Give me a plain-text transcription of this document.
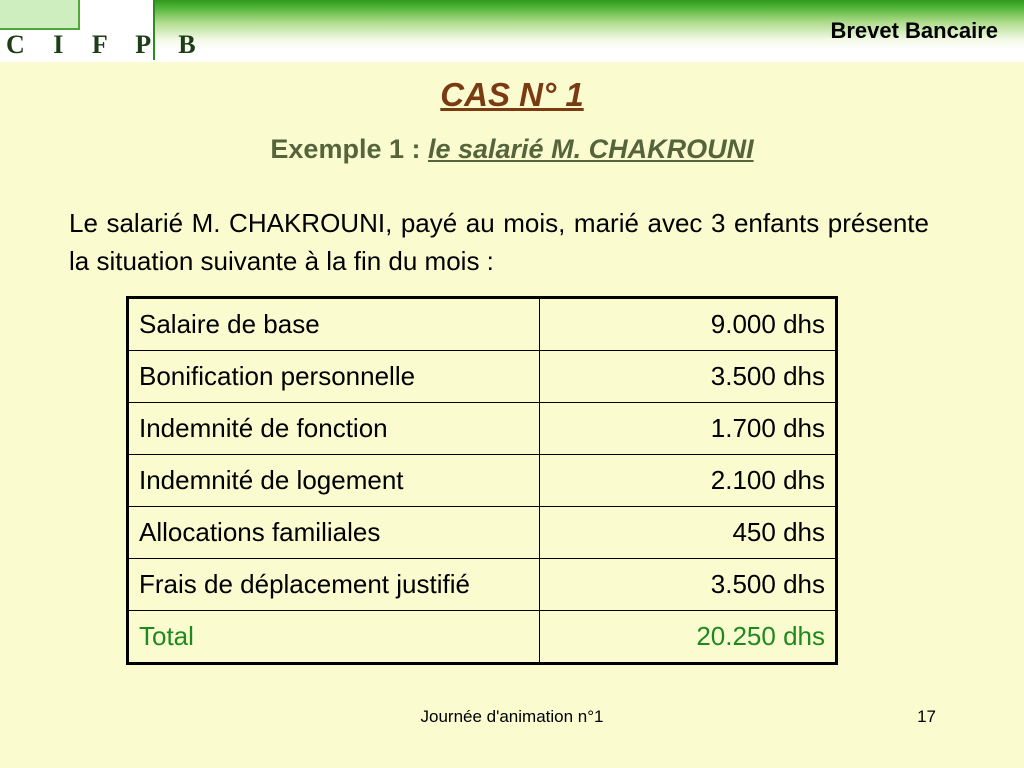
C I F P B	Brevet Bancaire
CAS N° 1
Exemple 1 : le salarié M. CHAKROUNI
Le salarié M. CHAKROUNI, payé au mois, marié avec 3 enfants présente la situation suivante à la fin du mois :
Salaire de base	9.000 dhs
Bonification personnelle	3.500 dhs
Indemnité de fonction	1.700 dhs
Indemnité de logement	2.100 dhs
Allocations familiales	450 dhs
Frais de déplacement justifié	3.500 dhs
Total	20.250 dhs
Journée d'animation n°1	17
